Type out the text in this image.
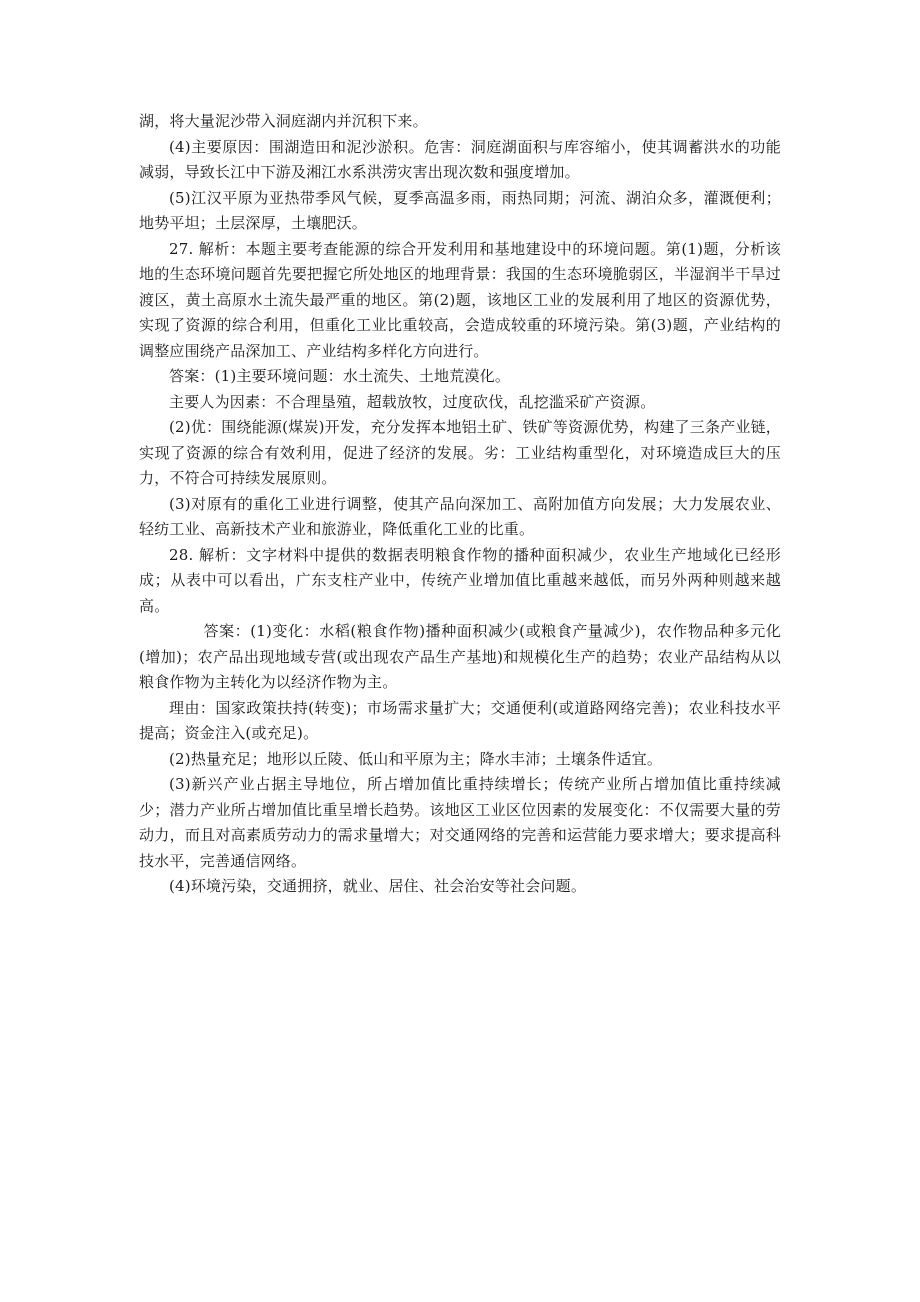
湖，将大量泥沙带入洞庭湖内并沉积下来。

(4)主要原因：围湖造田和泥沙淤积。危害：洞庭湖面积与库容缩小，使其调蓄洪水的功能减弱，导致长江中下游及湘江水系洪涝灾害出现次数和强度增加。

(5)江汉平原为亚热带季风气候，夏季高温多雨，雨热同期；河流、湖泊众多，灌溉便利；地势平坦；土层深厚，土壤肥沃。

27. 解析：本题主要考查能源的综合开发利用和基地建设中的环境问题。第(1)题，分析该地的生态环境问题首先要把握它所处地区的地理背景：我国的生态环境脆弱区，半湿润半干旱过渡区，黄土高原水土流失最严重的地区。第(2)题，该地区工业的发展利用了地区的资源优势，实现了资源的综合利用，但重化工业比重较高，会造成较重的环境污染。第(3)题，产业结构的调整应围绕产品深加工、产业结构多样化方向进行。

答案：(1)主要环境问题：水土流失、土地荒漠化。

主要人为因素：不合理垦殖，超载放牧，过度砍伐，乱挖滥采矿产资源。

(2)优：围绕能源(煤炭)开发，充分发挥本地铝土矿、铁矿等资源优势，构建了三条产业链，实现了资源的综合有效利用，促进了经济的发展。劣：工业结构重型化，对环境造成巨大的压力，不符合可持续发展原则。

(3)对原有的重化工业进行调整，使其产品向深加工、高附加值方向发展；大力发展农业、轻纺工业、高新技术产业和旅游业，降低重化工业的比重。

28. 解析：文字材料中提供的数据表明粮食作物的播种面积减少，农业生产地域化已经形成；从表中可以看出，广东支柱产业中，传统产业增加值比重越来越低，而另外两种则越来越高。

答案：(1)变化：水稻(粮食作物)播种面积减少(或粮食产量减少)，农作物品种多元化(增加)；农产品出现地域专营(或出现农产品生产基地)和规模化生产的趋势；农业产品结构从以粮食作物为主转化为以经济作物为主。

理由：国家政策扶持(转变)；市场需求量扩大；交通便利(或道路网络完善)；农业科技水平提高；资金注入(或充足)。

(2)热量充足；地形以丘陵、低山和平原为主；降水丰沛；土壤条件适宜。

(3)新兴产业占据主导地位，所占增加值比重持续增长；传统产业所占增加值比重持续减少；潜力产业所占增加值比重呈增长趋势。该地区工业区位因素的发展变化：不仅需要大量的劳动力，而且对高素质劳动力的需求量增大；对交通网络的完善和运营能力要求增大；要求提高科技水平，完善通信网络。

(4)环境污染，交通拥挤，就业、居住、社会治安等社会问题。
